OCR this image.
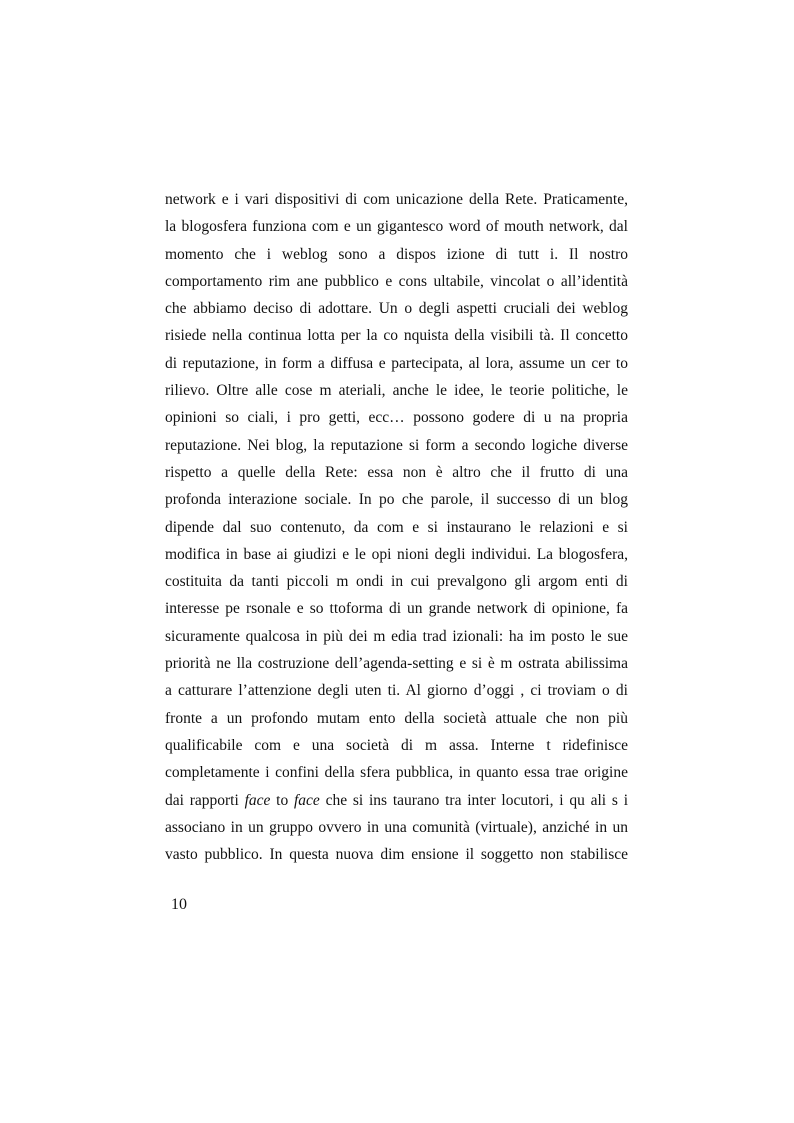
network e i vari dispositivi di com unicazione della Rete. Praticamente,
la blogosfera funziona com e un gigantesco word of mouth network, dal
momento che i weblog sono a dispos izione di tutt i. Il nostro
comportamento rim ane pubblico e cons ultabile, vincolat o all’identità
che abbiamo deciso di adottare. Un o degli aspetti cruciali dei weblog
risiede nella continua lotta per la co nquista della visibili tà. Il concetto
di reputazione, in form a diffusa e partecipata, al lora, assume un cer to
rilievo. Oltre alle cose m ateriali, anche le idee, le teorie politiche, le
opinioni so ciali, i pro getti, ecc… possono godere di u na propria
reputazione. Nei blog, la reputazione si form a secondo logiche diverse
rispetto a quelle della Rete: essa non è altro che il frutto di una
profonda interazione sociale. In po che parole, il successo di un blog
dipende dal suo contenuto, da com e si instaurano le relazioni e si
modifica in base ai giudizi e le opi nioni degli individui. La blogosfera,
costituita da tanti piccoli m ondi in cui prevalgono gli argom enti di
interesse pe rsonale e so ttoforma di un grande network di opinione, fa
sicuramente qualcosa in più dei m edia trad izionali: ha im posto le sue
priorità ne lla costruzione dell’agenda-setting e si è m ostrata abilissima
a catturare l’attenzione degli uten ti. Al giorno d’oggi , ci troviam o di
fronte a un profondo mutam ento della società attuale che non più
qualificabile com e una società di m assa. Interne t ridefinisce
completamente i confini della sfera pubblica, in quanto essa trae origine
dai rapporti face to face che si ins taurano tra inter locutori, i qu ali s i
associano in un gruppo ovvero in una comunità (virtuale), anziché in un
vasto pubblico. In questa nuova dim ensione il soggetto non stabilisce
10
